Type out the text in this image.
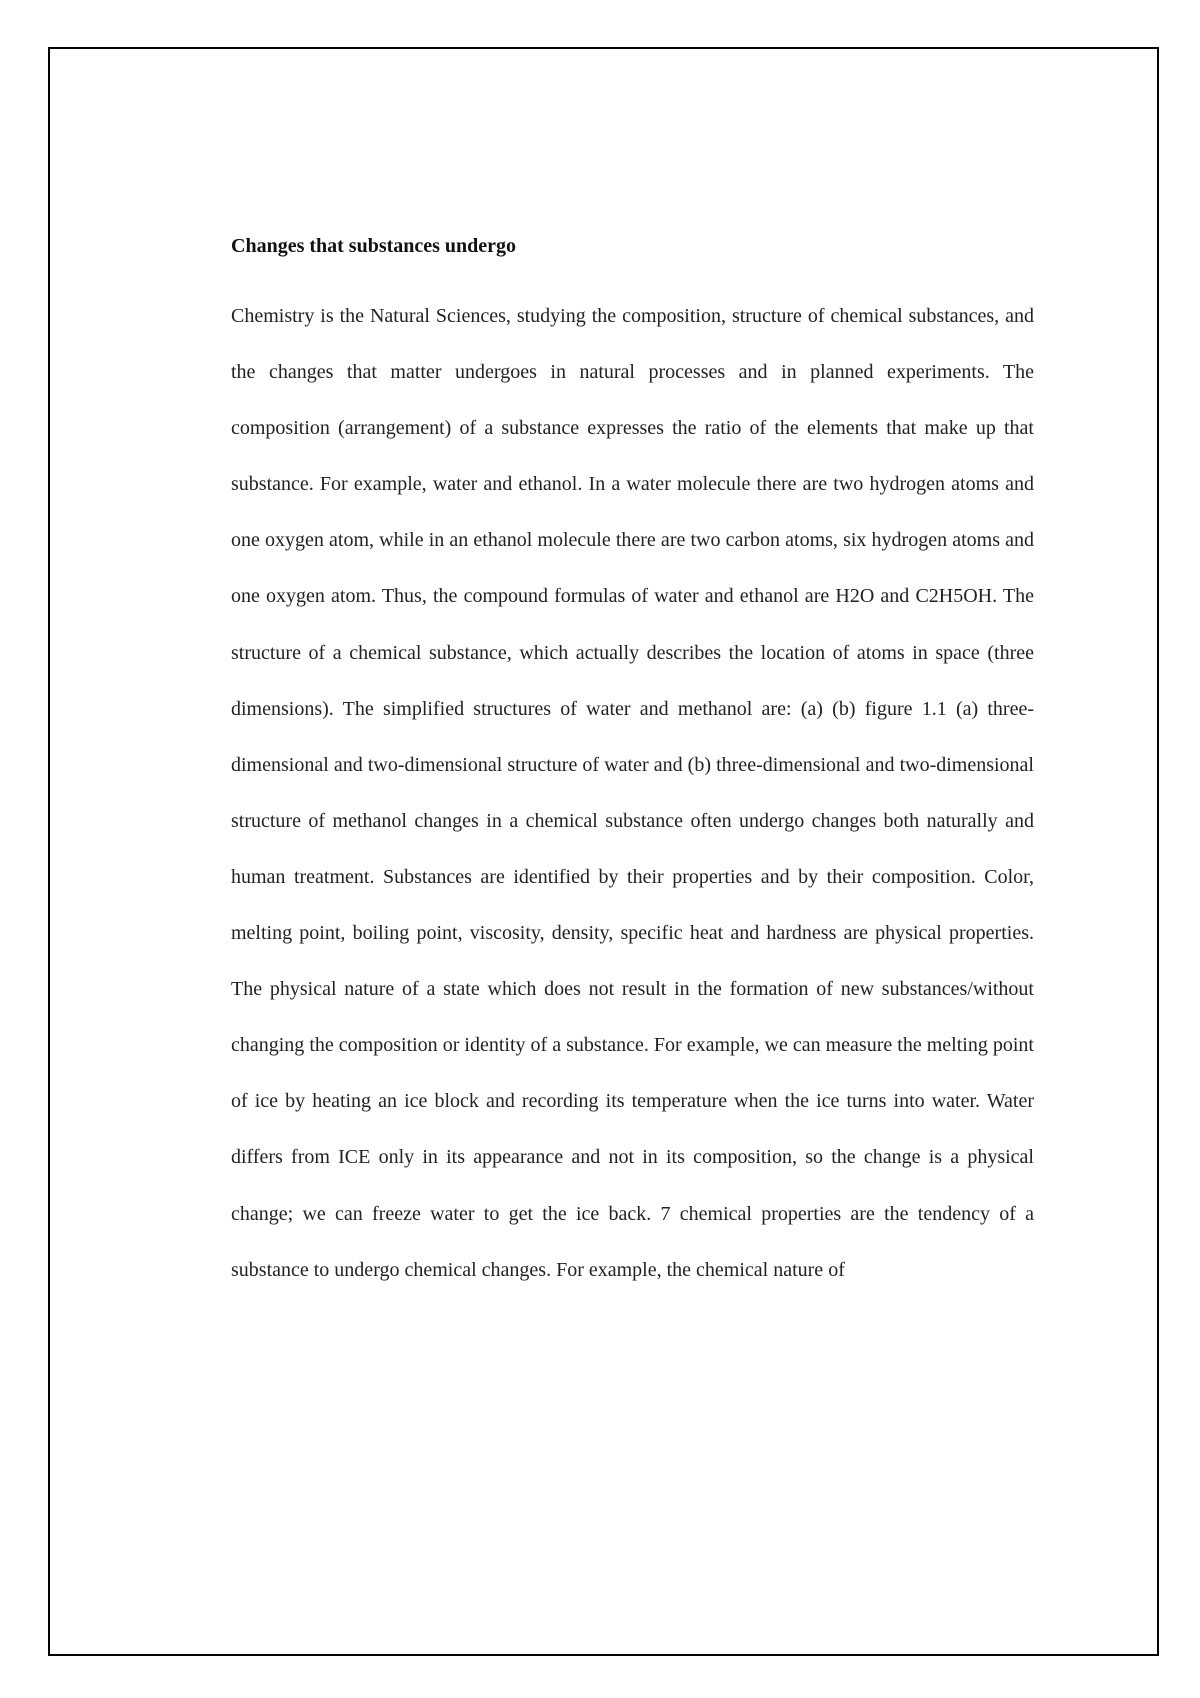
Changes that substances undergo

Chemistry is the Natural Sciences, studying the composition, structure of chemical substances, and the changes that matter undergoes in natural processes and in planned experiments. The composition (arrangement) of a substance expresses the ratio of the elements that make up that substance. For example, water and ethanol. In a water molecule there are two hydrogen atoms and one oxygen atom, while in an ethanol molecule there are two carbon atoms, six hydrogen atoms and one oxygen atom. Thus, the compound formulas of water and ethanol are H2O and C2H5OH. The structure of a chemical substance, which actually describes the location of atoms in space (three dimensions). The simplified structures of water and methanol are: (a) (b) figure 1.1 (a) three-dimensional and two-dimensional structure of water and (b) three-dimensional and two-dimensional structure of methanol changes in a chemical substance often undergo changes both naturally and human treatment. Substances are identified by their properties and by their composition. Color, melting point, boiling point, viscosity, density, specific heat and hardness are physical properties. The physical nature of a state which does not result in the formation of new substances/without changing the composition or identity of a substance. For example, we can measure the melting point of ice by heating an ice block and recording its temperature when the ice turns into water. Water differs from ICE only in its appearance and not in its composition, so the change is a physical change; we can freeze water to get the ice back. 7 chemical properties are the tendency of a substance to undergo chemical changes. For example, the chemical nature of
